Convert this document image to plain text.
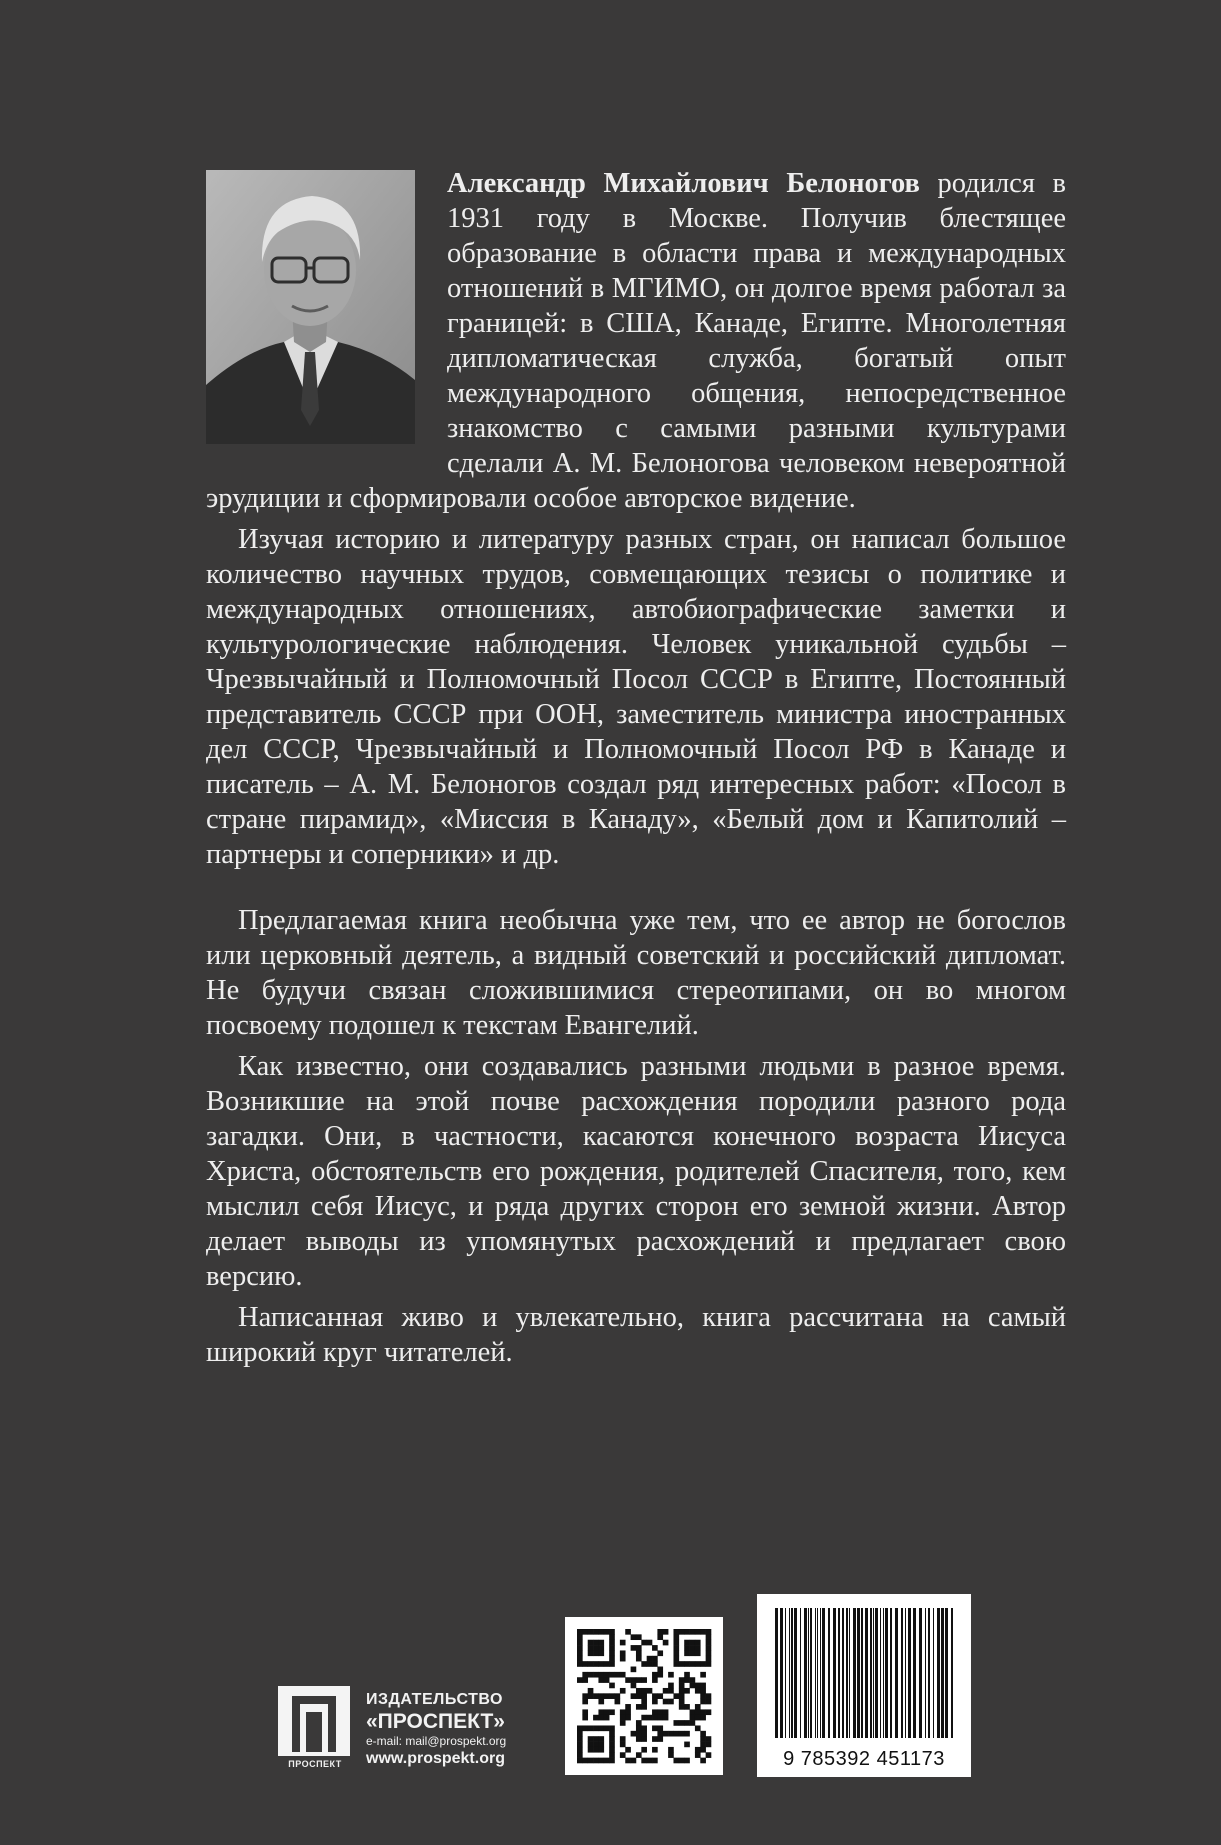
Александр Михайлович Белоногов родился в 1931 году в Москве. Получив блестящее образование в области права и международных отношений в МГИМО, он долгое время работал за границей: в США, Канаде, Египте. Многолетняя дипломатическая служба, богатый опыт международного общения, непосредственное знакомство с самыми разными культурами сделали А. М. Белоногова человеком невероятной эрудиции и сформировали особое авторское видение.

Изучая историю и литературу разных стран, он написал большое количество научных трудов, совмещающих тезисы о политике и международных отношениях, автобиографические заметки и культурологические наблюдения. Человек уникальной судьбы – Чрезвычайный и Полномочный Посол СССР в Египте, Постоянный представитель СССР при ООН, заместитель министра иностранных дел СССР, Чрезвычайный и Полномочный Посол РФ в Канаде и писатель – А. М. Белоногов создал ряд интересных работ: «Посол в стране пирамид», «Миссия в Канаду», «Белый дом и Капитолий – партнеры и соперники» и др.

Предлагаемая книга необычна уже тем, что ее автор не богослов или церковный деятель, а видный советский и российский дипломат. Не будучи связан сложившимися стереотипами, он во многом посвоему подошел к текстам Евангелий.

Как известно, они создавались разными людьми в разное время. Возникшие на этой почве расхождения породили разного рода загадки. Они, в частности, касаются конечного возраста Иисуса Христа, обстоятельств его рождения, родителей Спасителя, того, кем мыслил себя Иисус, и ряда других сторон его земной жизни. Автор делает выводы из упомянутых расхождений и предлагает свою версию.

Написанная живо и увлекательно, книга рассчитана на самый широкий круг читателей.

ПРОСПЕКТ
ИЗДАТЕЛЬСТВО
«ПРОСПЕКТ»
e-mail: mail@prospekt.org
www.prospekt.org	9 785392 451173
